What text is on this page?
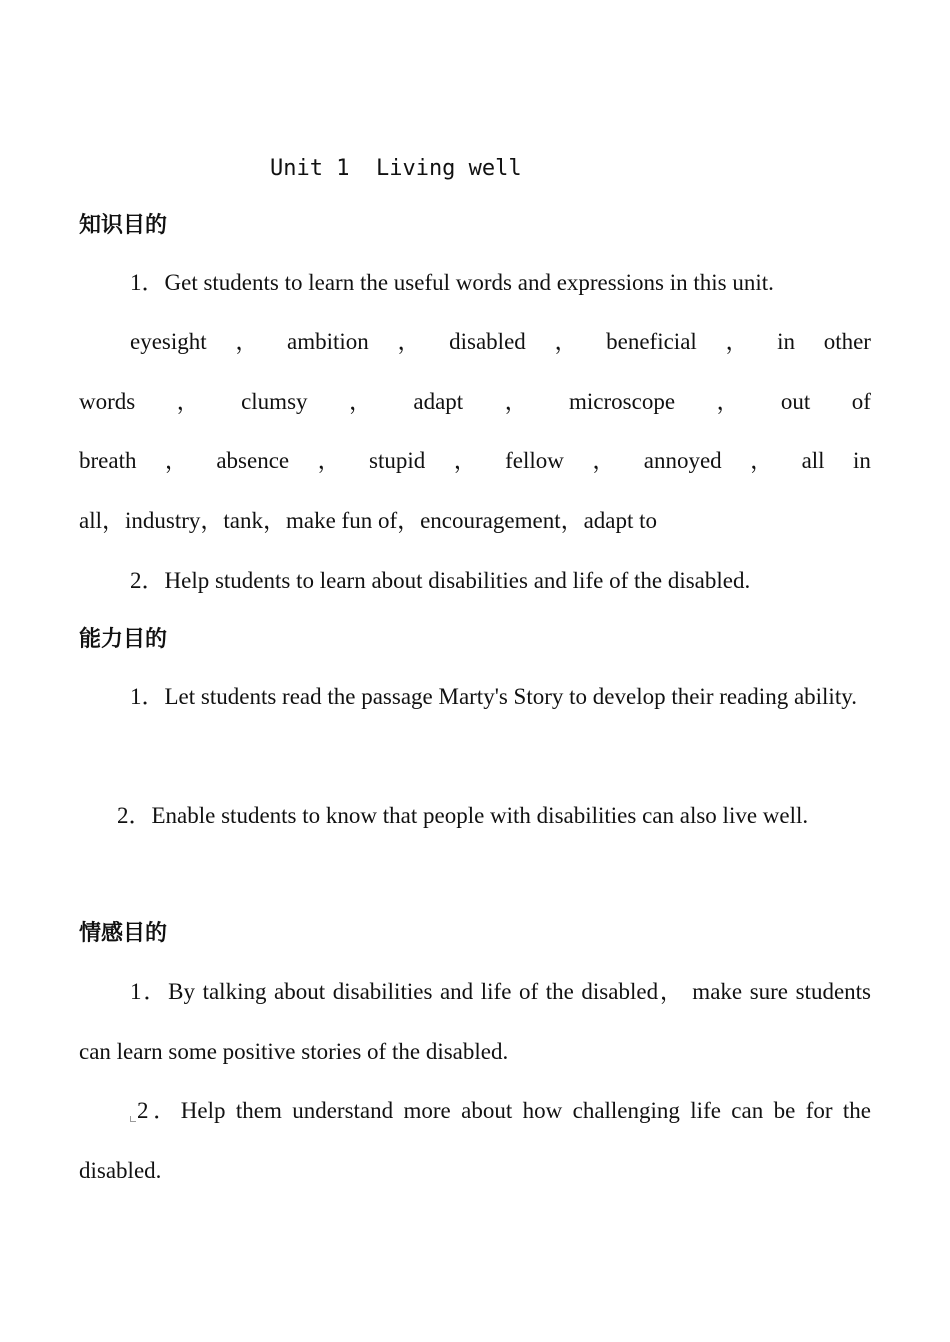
Unit 1  Living well
知识目的
1．Get students to learn the useful words and expressions in this unit.
eyesight ， ambition ， disabled ， beneficial ， in other
words ， clumsy ， adapt ， microscope ， out of
breath ， absence ， stupid ， fellow ， annoyed ， all in
all，industry，tank，make fun of，encouragement，adapt to
2．Help students to learn about disabilities and life of the disabled.
能力目的

1．Let students read the passage Marty's Story to develop their reading ability.

2．Enable students to know that people with disabilities can also live well.

情感目的

1．By talking about disabilities and life of the disabled， make sure students can learn some positive stories of the disabled.

2．Help them understand more about how challenging life can be for the disabled.
